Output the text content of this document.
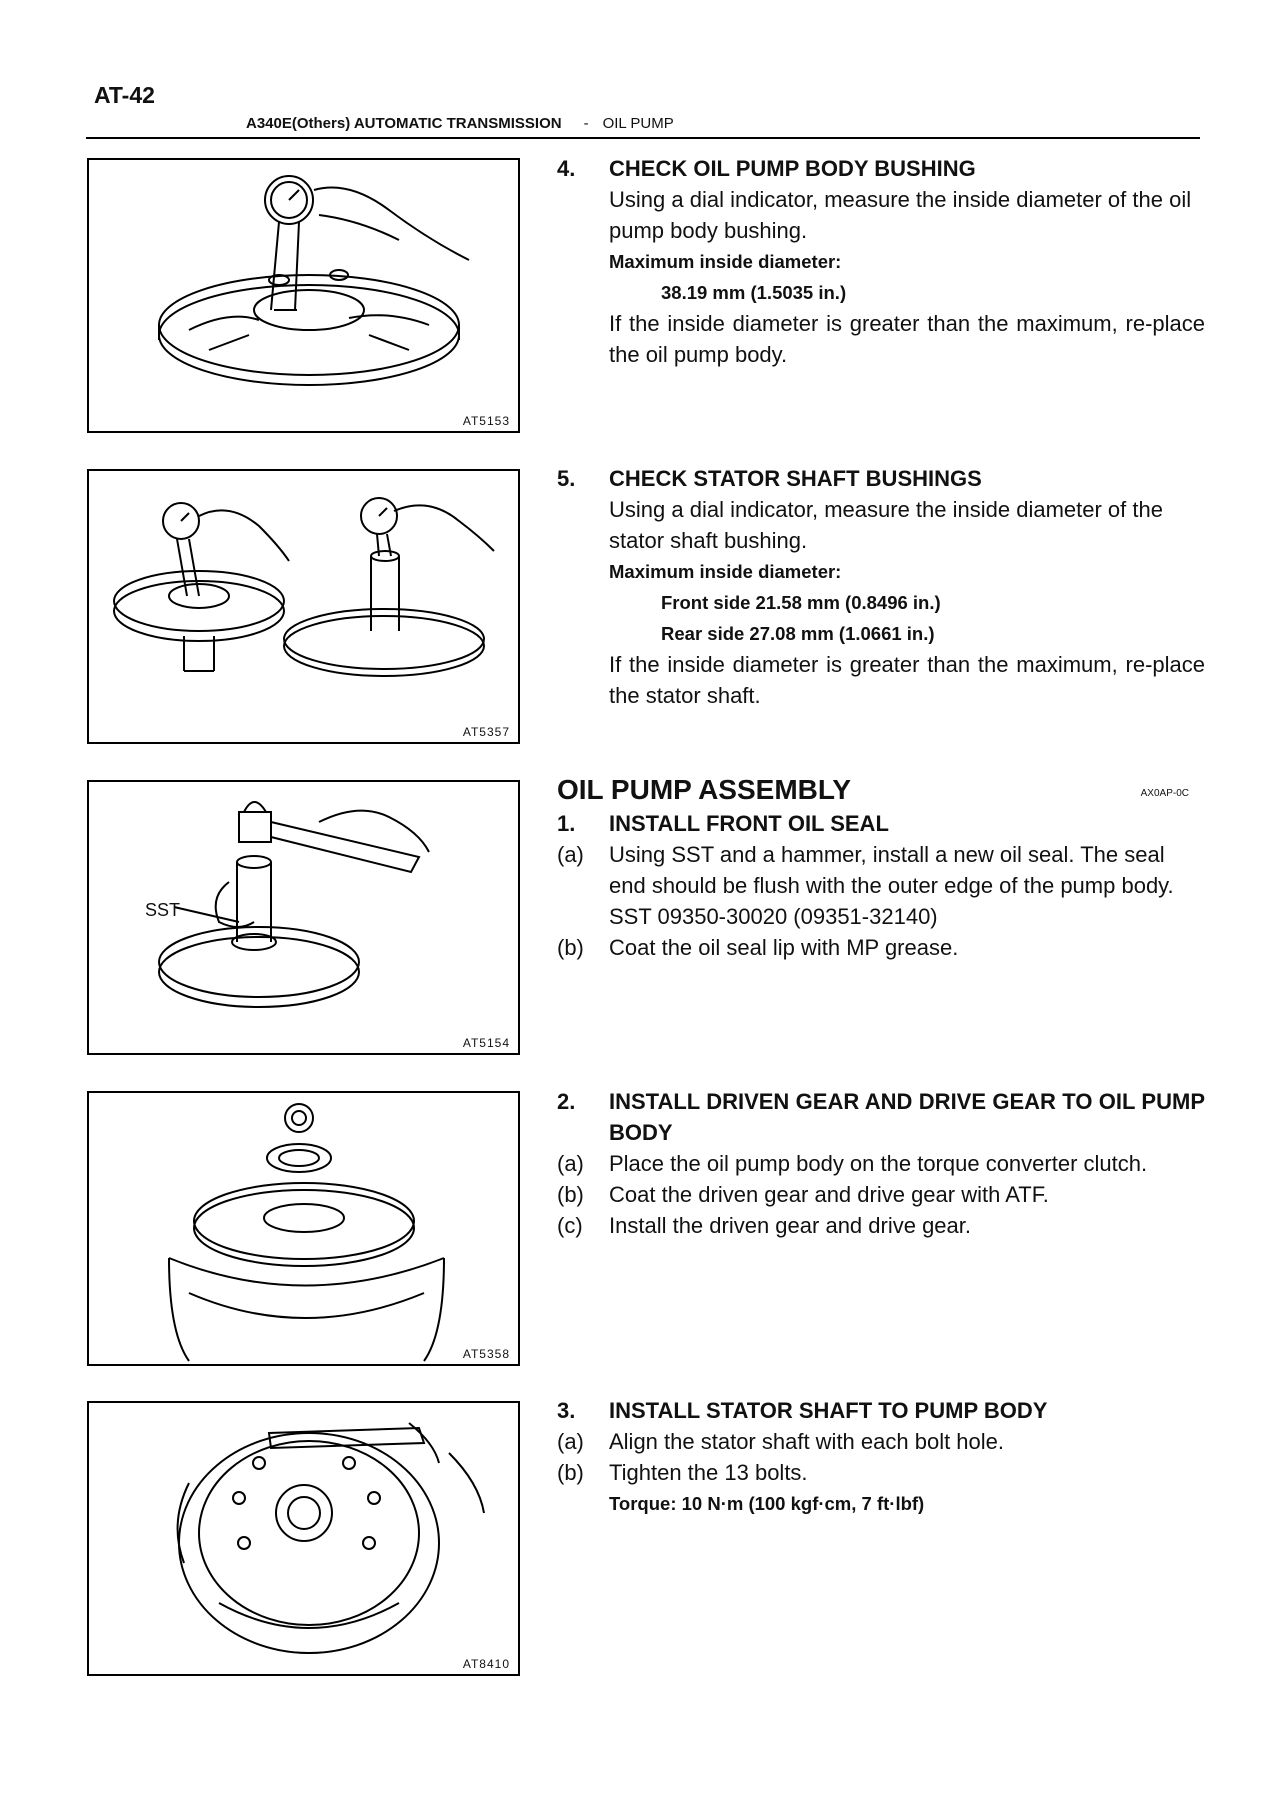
AT-42
A340E(Others) AUTOMATIC TRANSMISSION - OIL PUMP
AT5153
AT5357
SST
AT5154
AT5358
AT8410
4.	CHECK OIL PUMP BODY BUSHING
Using a dial indicator, measure the inside diameter of the oil pump body bushing.
Maximum inside diameter:
38.19 mm (1.5035 in.)
If the inside diameter is greater than the maximum, re-place the oil pump body.
5.	CHECK STATOR SHAFT BUSHINGS
Using a dial indicator, measure the inside diameter of the stator shaft bushing.
Maximum inside diameter:
Front side 21.58 mm (0.8496 in.)
Rear side 27.08 mm (1.0661 in.)
If the inside diameter is greater than the maximum, re-place the stator shaft.
AX0AP-0C
OIL PUMP ASSEMBLY
1.	INSTALL FRONT OIL SEAL
(a)	Using SST and a hammer, install a new oil seal. The seal end should be flush with the outer edge of the pump body.
SST 09350-30020 (09351-32140)
(b)	Coat the oil seal lip with MP grease.
2.	INSTALL DRIVEN GEAR AND DRIVE GEAR TO OIL PUMP BODY
(a)	Place the oil pump body on the torque converter clutch.
(b)	Coat the driven gear and drive gear with ATF.
(c)	Install the driven gear and drive gear.
3.	INSTALL STATOR SHAFT TO PUMP BODY
(a)	Align the stator shaft with each bolt hole.
(b)	Tighten the 13 bolts.
Torque: 10 N·m (100 kgf·cm, 7 ft·lbf)
